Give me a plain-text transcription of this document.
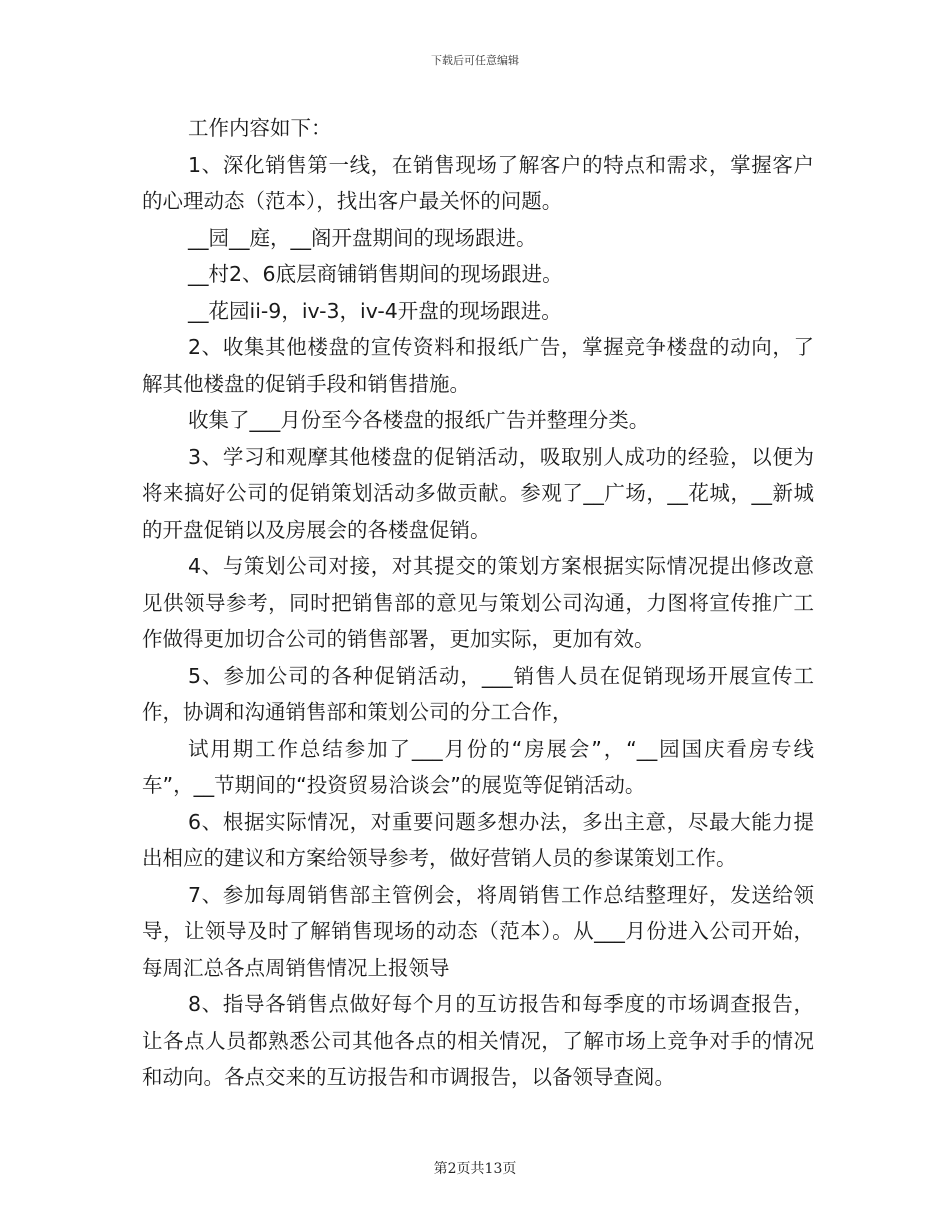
下载后可任意编辑

工作内容如下：

1、深化销售第一线，在销售现场了解客户的特点和需求，掌握客户的心理动态（范本），找出客户最关怀的问题。

__园__庭，__阁开盘期间的现场跟进。

__村2、6底层商铺销售期间的现场跟进。

__花园ii-9，iv-3，iv-4开盘的现场跟进。

2、收集其他楼盘的宣传资料和报纸广告，掌握竞争楼盘的动向，了解其他楼盘的促销手段和销售措施。

收集了___月份至今各楼盘的报纸广告并整理分类。

3、学习和观摩其他楼盘的促销活动，吸取别人成功的经验，以便为将来搞好公司的促销策划活动多做贡献。参观了__广场，__花城，__新城的开盘促销以及房展会的各楼盘促销。

4、与策划公司对接，对其提交的策划方案根据实际情况提出修改意见供领导参考，同时把销售部的意见与策划公司沟通，力图将宣传推广工作做得更加切合公司的销售部署，更加实际，更加有效。

5、参加公司的各种促销活动，___销售人员在促销现场开展宣传工作，协调和沟通销售部和策划公司的分工合作，

试用期工作总结参加了___月份的“房展会”，“__园国庆看房专线车”，__节期间的“投资贸易洽谈会”的展览等促销活动。

6、根据实际情况，对重要问题多想办法，多出主意，尽最大能力提出相应的建议和方案给领导参考，做好营销人员的参谋策划工作。

7、参加每周销售部主管例会，将周销售工作总结整理好，发送给领导，让领导及时了解销售现场的动态（范本）。从___月份进入公司开始，每周汇总各点周销售情况上报领导

8、指导各销售点做好每个月的互访报告和每季度的市场调查报告，让各点人员都熟悉公司其他各点的相关情况，了解市场上竞争对手的情况和动向。各点交来的互访报告和市调报告，以备领导查阅。

第2页共13页
